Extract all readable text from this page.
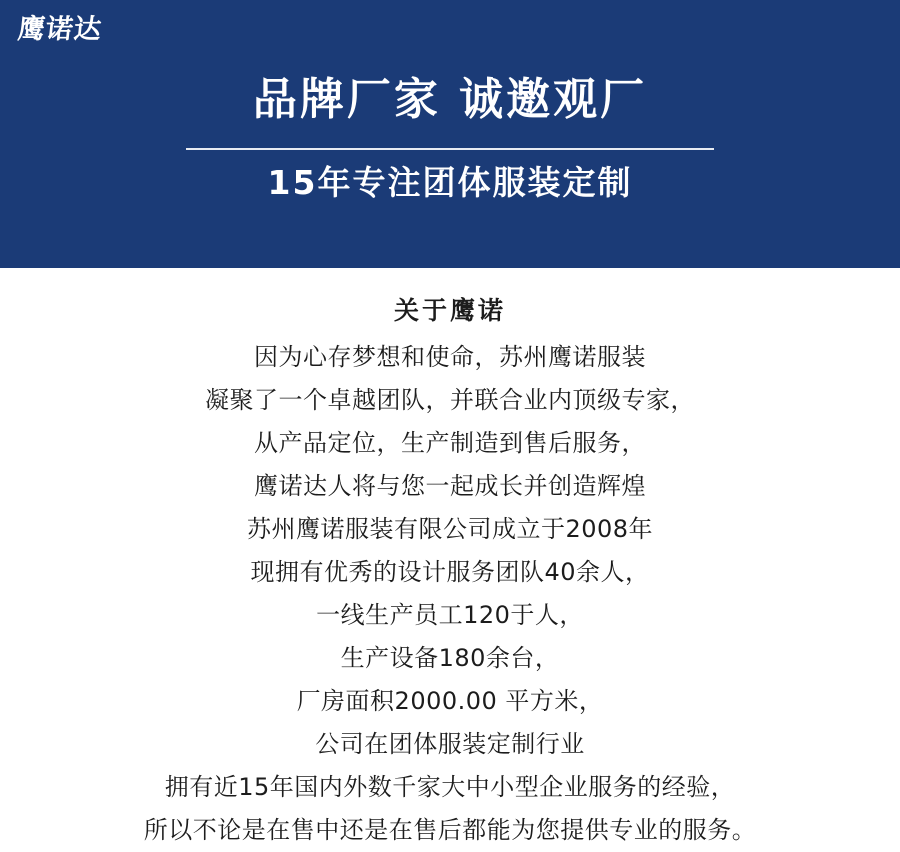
鹰诺达
品牌厂家 诚邀观厂
15年专注团体服装定制
关于鹰诺
因为心存梦想和使命，苏州鹰诺服装
凝聚了一个卓越团队，并联合业内顶级专家，
从产品定位，生产制造到售后服务，
鹰诺达人将与您一起成长并创造辉煌
苏州鹰诺服装有限公司成立于2008年
现拥有优秀的设计服务团队40余人，
一线生产员工120于人，
生产设备180余台，
厂房面积2000.00 平方米，
公司在团体服装定制行业
拥有近15年国内外数千家大中小型企业服务的经验，
所以不论是在售中还是在售后都能为您提供专业的服务。
